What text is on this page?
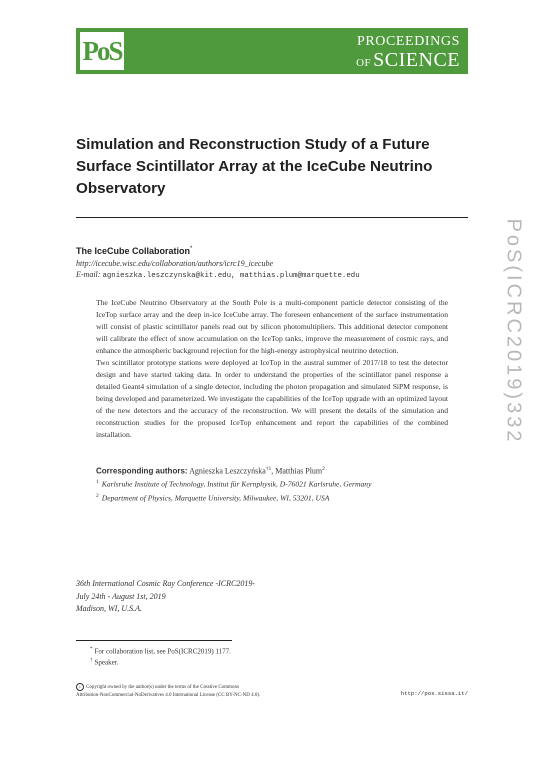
PoS	PROCEEDINGS
OF SCIENCE
Simulation and Reconstruction Study of a Future Surface Scintillator Array at the IceCube Neutrino Observatory
PoS(ICRC2019)332
The IceCube Collaboration*
http://icecube.wisc.edu/collaboration/authors/icrc19_icecube
E-mail: agnieszka.leszczynska@kit.edu, matthias.plum@marquette.edu

The IceCube Neutrino Observatory at the South Pole is a multi-component particle detector consisting of the IceTop surface array and the deep in-ice IceCube array. The foreseen enhancement of the surface instrumentation will consist of plastic scintillator panels read out by silicon photomultipliers. This additional detector component will calibrate the effect of snow accumulation on the IceTop tanks, improve the measurement of cosmic rays, and enhance the atmospheric background rejection for the high-energy astrophysical neutrino detection.

Two scintillator prototype stations were deployed at IceTop in the austral summer of 2017/18 to test the detector design and have started taking data. In order to understand the properties of the scintillator panel response a detailed Geant4 simulation of a single detector, including the photon propagation and simulated SiPM response, is being developed and parameterized. We investigate the capabilities of the IceTop upgrade with an optimized layout of the new detectors and the accuracy of the reconstruction. We will present the details of the simulation and reconstruction studies for the proposed IceTop enhancement and report the capabilities of the combined installation.

Corresponding authors: Agnieszka Leszczyńska$^{\dagger 1}$, Matthias Plum$^2$
$^1$ Karlsruhe Institute of Technology, Institut für Kernphysik, D-76021 Karlsruhe, Germany
$^2$ Department of Physics, Marquette University, Milwaukee, WI, 53201, USA
36th International Cosmic Ray Conference -ICRC2019-
July 24th - August 1st, 2019
Madison, WI, U.S.A.
* For collaboration list, see PoS(ICRC2019) 1177.
† Speaker.
c Copyright owned by the author(s) under the terms of the Creative Commons
Attribution-NonCommercial-NoDerivatives 4.0 International License (CC BY-NC-ND 4.0).	http://pos.sissa.it/
